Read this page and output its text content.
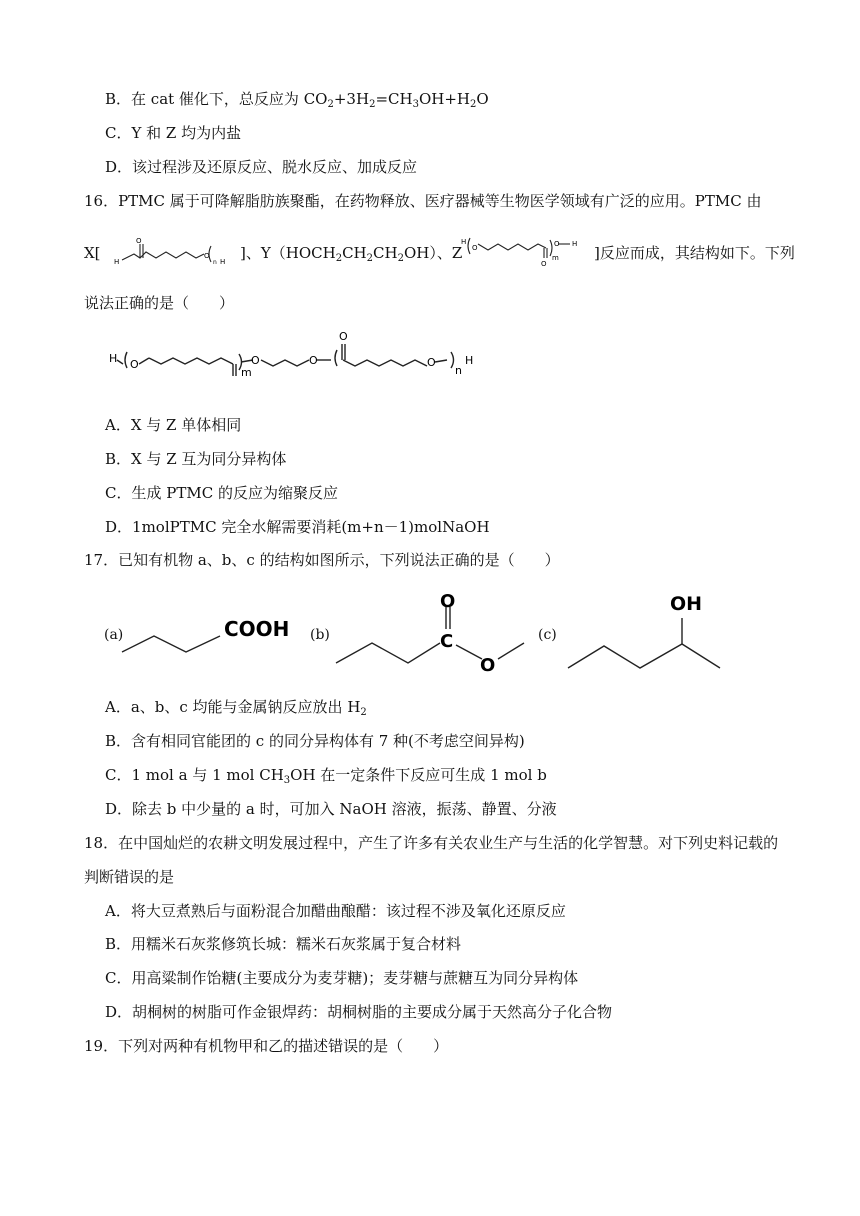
B．在 cat 催化下，总反应为 $CO_2+3H_2=CH_3OH+H_2O$
C．Y 和 Z 均为内盐
D．该过程涉及还原反应、脱水反应、加成反应
16．PTMC 属于可降解脂肪族聚酯，在药物释放、医疗器械等生物医学领域有广泛的应用。PTMC 由
X[ H
O
O
n H ]、$Y(HOCH_2CH_2CH_2OH)$、Z
H
O
O
m
O H ]反应而成，其结构如下。下列
说法正确的是（　　）
H O
m
O	O
O
O
n
H
A．X 与 Z 单体相同
B．X 与 Z 互为同分异构体
C．生成 PTMC 的反应为缩聚反应
D．1molPTMC 完全水解需要消耗(m+n－1)molNaOH
17．已知有机物 a、b、c 的结构如图所示，下列说法正确的是（　　）
(a)	COOH (b)
O
C
O
(c)
OH
A．a、b、c 均能与金属钠反应放出 $H_2$
B．含有相同官能团的 c 的同分异构体有 7 种(不考虑空间异构)
C．1 mol a 与 1 mol $CH_3OH$ 在一定条件下反应可生成 1 mol b
D．除去 b 中少量的 a 时，可加入 NaOH 溶液，振荡、静置、分液
18．在中国灿烂的农耕文明发展过程中，产生了许多有关农业生产与生活的化学智慧。对下列史料记载的
判断错误的是
A．将大豆煮熟后与面粉混合加醋曲酿醋：该过程不涉及氧化还原反应
B．用糯米石灰浆修筑长城：糯米石灰浆属于复合材料
C．用高粱制作饴糖(主要成分为麦芽糖)；麦芽糖与蔗糖互为同分异构体
D．胡桐树的树脂可作金银焊药：胡桐树脂的主要成分属于天然高分子化合物
19．下列对两种有机物甲和乙的描述错误的是（　　）
